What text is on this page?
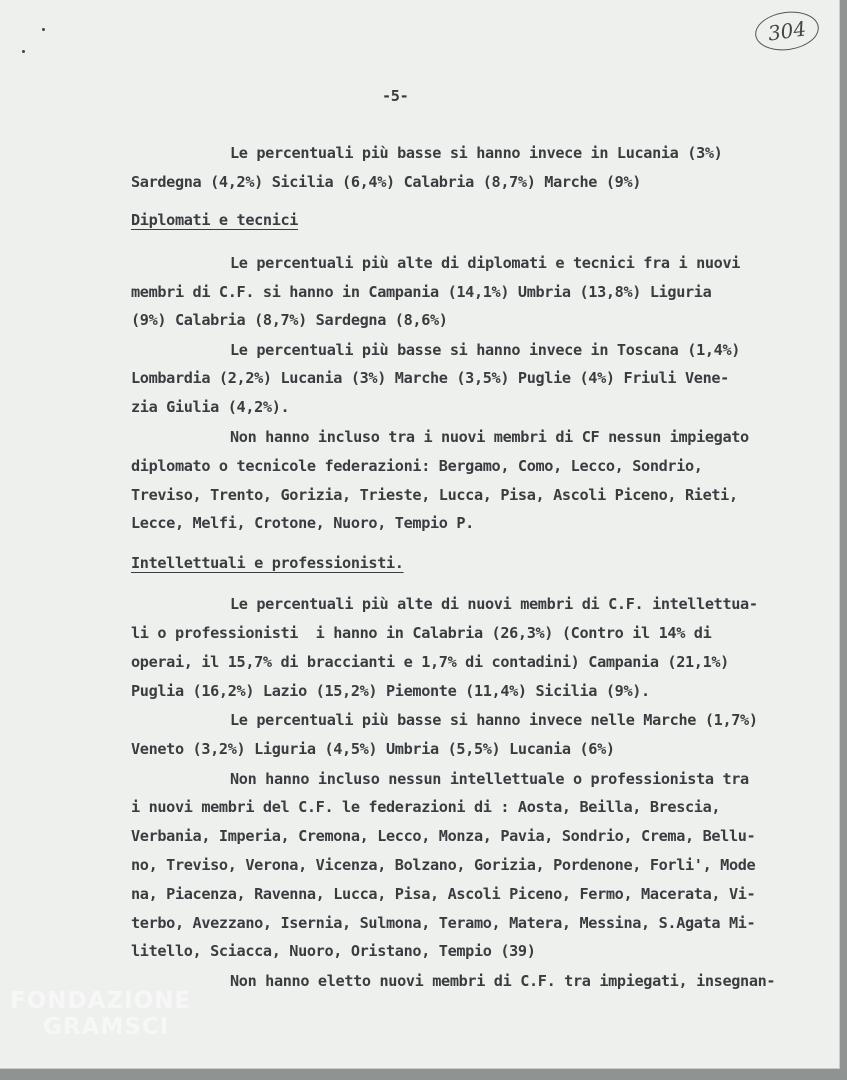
304
-5-
Le percentuali più basse si hanno invece in Lucania (3%)
Sardegna (4,2%) Sicilia (6,4%) Calabria (8,7%) Marche (9%)
Diplomati e tecnici
Le percentuali più alte di diplomati e tecnici fra i nuovi
membri di C.F. si hanno in Campania (14,1%) Umbria (13,8%) Liguria
(9%) Calabria (8,7%) Sardegna (8,6%)
Le percentuali più basse si hanno invece in Toscana (1,4%)
Lombardia (2,2%) Lucania (3%) Marche (3,5%) Puglie (4%) Friuli Vene-
zia Giulia (4,2%).
Non hanno incluso tra i nuovi membri di CF nessun impiegato
diplomato o tecnicole federazioni: Bergamo, Como, Lecco, Sondrio,
Treviso, Trento, Gorizia, Trieste, Lucca, Pisa, Ascoli Piceno, Rieti,
Lecce, Melfi, Crotone, Nuoro, Tempio P.
Intellettuali e professionisti.
Le percentuali più alte di nuovi membri di C.F. intellettua-
li o professionisti  i hanno in Calabria (26,3%) (Contro il 14% di
operai, il 15,7% di braccianti e 1,7% di contadini) Campania (21,1%)
Puglia (16,2%) Lazio (15,2%) Piemonte (11,4%) Sicilia (9%).
Le percentuali più basse si hanno invece nelle Marche (1,7%)
Veneto (3,2%) Liguria (4,5%) Umbria (5,5%) Lucania (6%)
Non hanno incluso nessun intellettuale o professionista tra
i nuovi membri del C.F. le federazioni di : Aosta, Beilla, Brescia,
Verbania, Imperia, Cremona, Lecco, Monza, Pavia, Sondrio, Crema, Bellu-
no, Treviso, Verona, Vicenza, Bolzano, Gorizia, Pordenone, Forli', Mode
na, Piacenza, Ravenna, Lucca, Pisa, Ascoli Piceno, Fermo, Macerata, Vi-
terbo, Avezzano, Isernia, Sulmona, Teramo, Matera, Messina, S.Agata Mi-
litello, Sciacca, Nuoro, Oristano, Tempio (39)
Non hanno eletto nuovi membri di C.F. tra impiegati, insegnan-
FONDAZIONE
GRAMSCI
